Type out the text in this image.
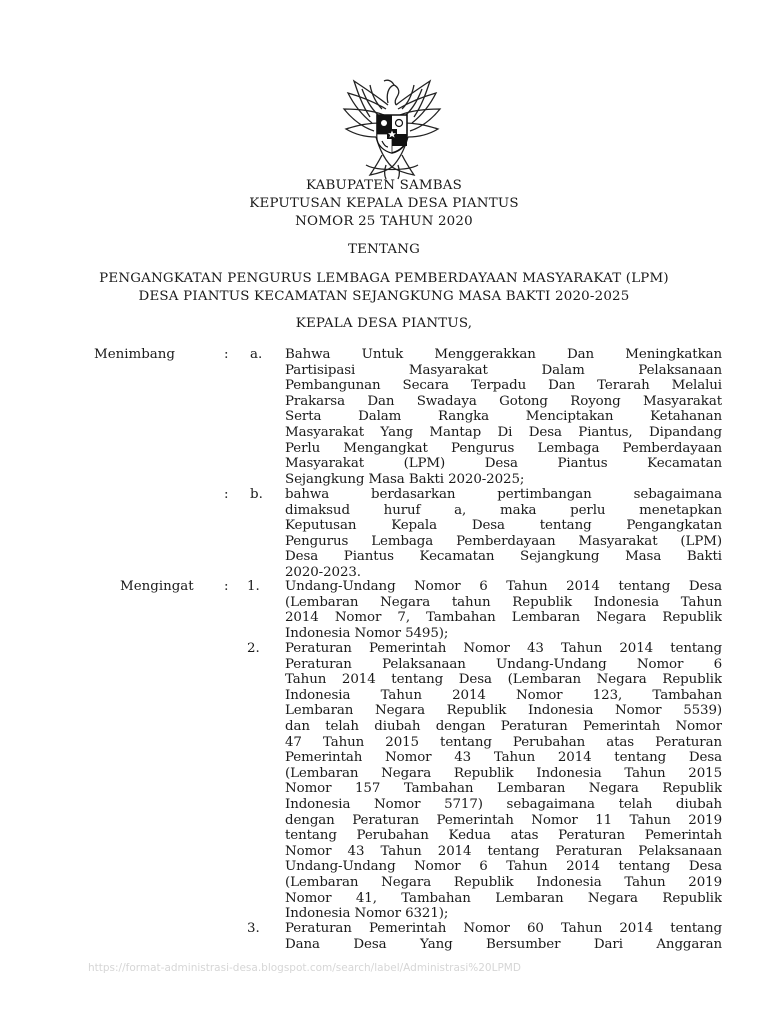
KABUPATEN SAMBAS
KEPUTUSAN KEPALA DESA PIANTUS
NOMOR 25 TAHUN 2020
TENTANG
PENGANGKATAN PENGURUS LEMBAGA PEMBERDAYAAN MASYARAKAT (LPM)
DESA PIANTUS KECAMATAN SEJANGKUNG MASA BAKTI 2020-2025
KEPALA DESA PIANTUS,
Menimbang	: a. Bahwa Untuk Menggerakkan Dan Meningkatkan
Partisipasi Masyarakat Dalam Pelaksanaan
Pembangunan Secara Terpadu Dan Terarah Melalui
Prakarsa Dan Swadaya Gotong Royong Masyarakat
Serta Dalam Rangka Menciptakan Ketahanan
Masyarakat Yang Mantap Di Desa Piantus, Dipandang
Perlu Mengangkat Pengurus Lembaga Pemberdayaan
Masyarakat (LPM) Desa Piantus Kecamatan
Sejangkung Masa Bakti 2020-2025;
: b. bahwa berdasarkan pertimbangan sebagaimana
dimaksud huruf a, maka perlu menetapkan
Keputusan Kepala Desa tentang Pengangkatan
Pengurus Lembaga Pemberdayaan Masyarakat (LPM)
Desa Piantus Kecamatan Sejangkung Masa Bakti
2020-2023.
Mengingat : 1. Undang-Undang Nomor 6 Tahun 2014 tentang Desa
(Lembaran Negara tahun Republik Indonesia Tahun
2014 Nomor 7, Tambahan Lembaran Negara Republik
Indonesia Nomor 5495);
2. Peraturan Pemerintah Nomor 43 Tahun 2014 tentang
Peraturan Pelaksanaan Undang-Undang Nomor 6
Tahun 2014 tentang Desa (Lembaran Negara Republik
Indonesia Tahun 2014 Nomor 123, Tambahan
Lembaran Negara Republik Indonesia Nomor 5539)
dan telah diubah dengan Peraturan Pemerintah Nomor
47 Tahun 2015 tentang Perubahan atas Peraturan
Pemerintah Nomor 43 Tahun 2014 tentang Desa
(Lembaran Negara Republik Indonesia Tahun 2015
Nomor 157 Tambahan Lembaran Negara Republik
Indonesia Nomor 5717) sebagaimana telah diubah
dengan Peraturan Pemerintah Nomor 11 Tahun 2019
tentang Perubahan Kedua atas Peraturan Pemerintah
Nomor 43 Tahun 2014 tentang Peraturan Pelaksanaan
Undang-Undang Nomor 6 Tahun 2014 tentang Desa
(Lembaran Negara Republik Indonesia Tahun 2019
Nomor 41, Tambahan Lembaran Negara Republik
Indonesia Nomor 6321);
3. Peraturan Pemerintah Nomor 60 Tahun 2014 tentang
Dana Desa Yang Bersumber Dari Anggaran
https://format-administrasi-desa.blogspot.com/search/label/Administrasi%20LPMD
